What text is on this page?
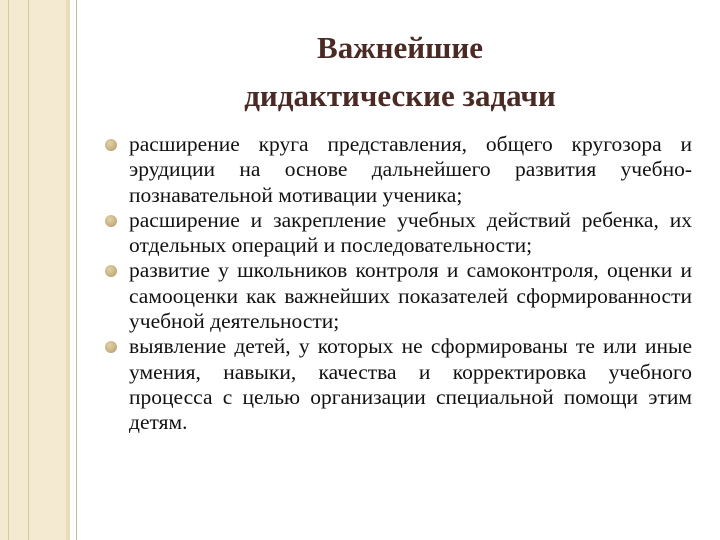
Важнейшие
дидактические задачи
расширение круга представления, общего кругозора и эрудиции на основе дальнейшего развития учебно-познавательной мотивации ученика;
расширение и закрепление учебных действий ребенка, их отдельных операций и последовательности;
развитие у школьников контроля и самоконтроля, оценки и самооценки как важнейших показателей сформированности учебной деятельности;
выявление детей, у которых не сформированы те или иные умения, навыки, качества и корректировка учебного процесса с целью организации специальной помощи этим детям.
